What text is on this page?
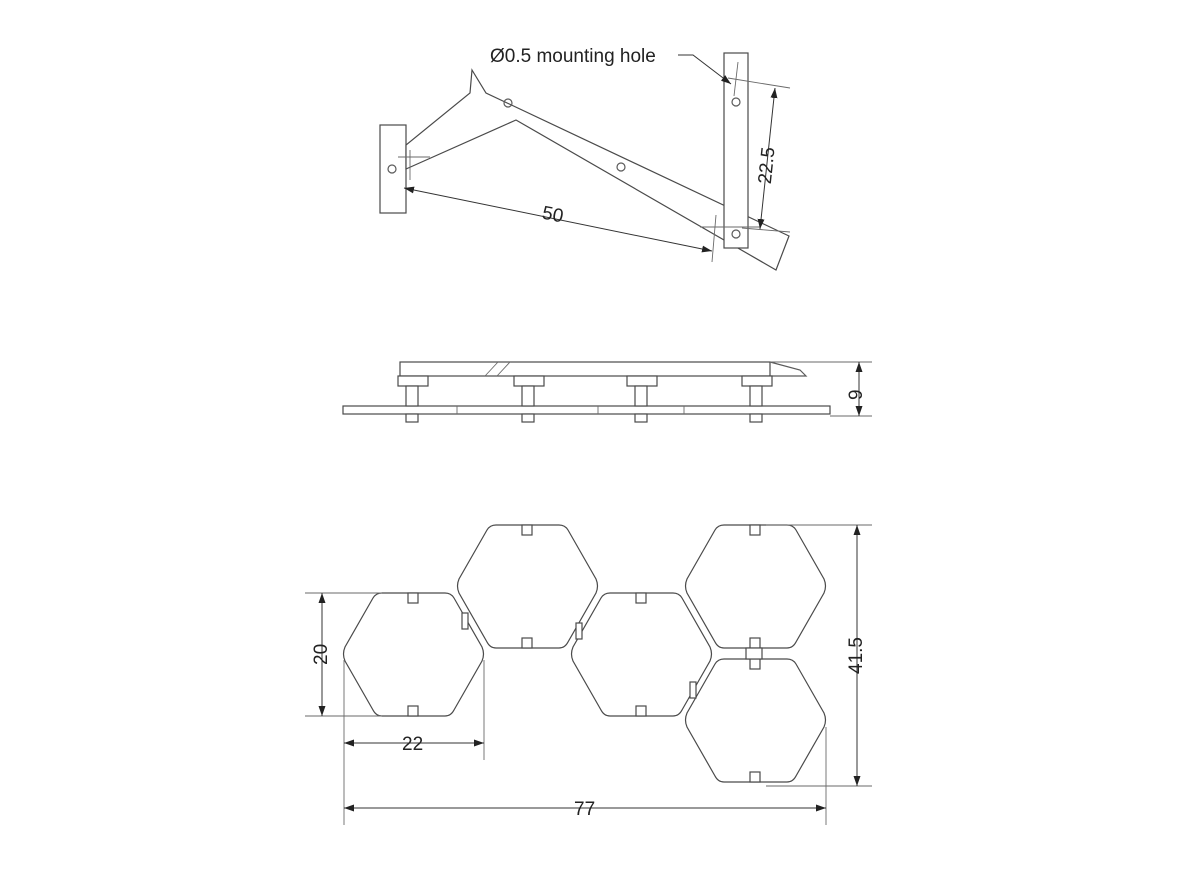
Ø0.5 mounting hole
50
22.5
9
20
22
77
41.5
